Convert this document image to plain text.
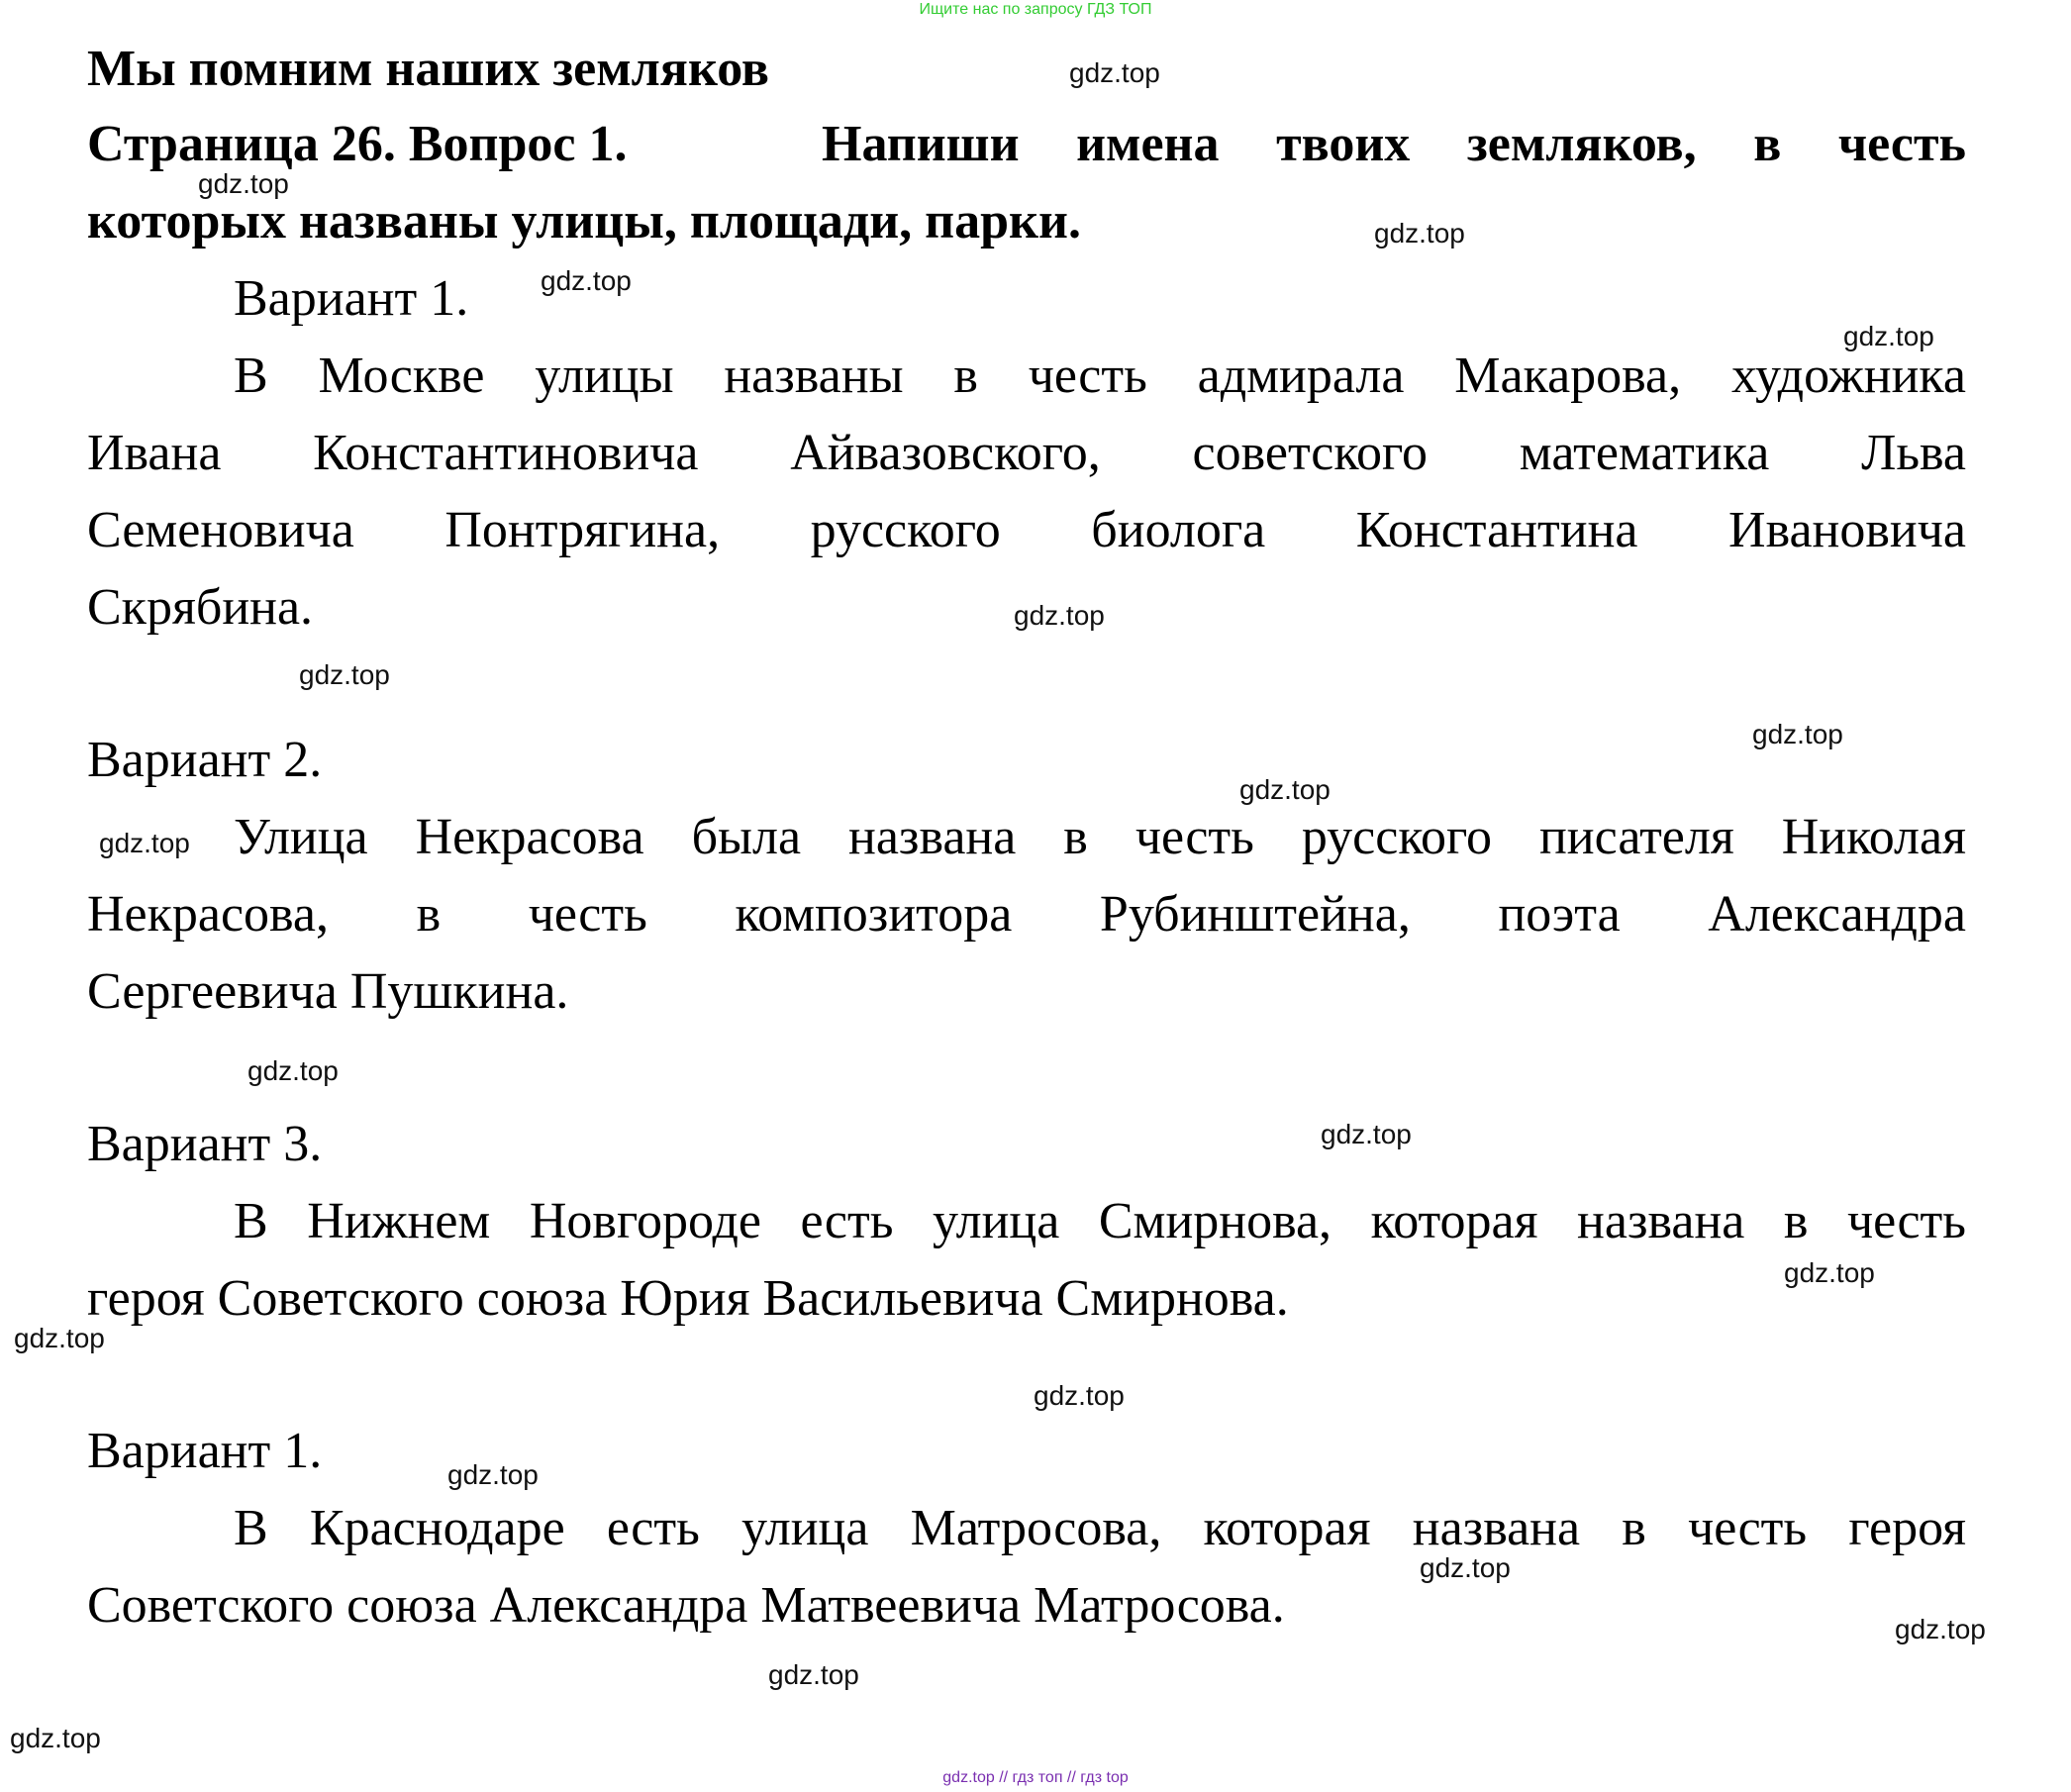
Ищите нас по запросу ГДЗ ТОП
Мы помним наших земляков
Страница 26. Вопрос 1.	Напиши имена твоих земляков, в честь
которых названы улицы, площади, парки.
Вариант 1.
В Москве улицы названы в честь адмирала Макарова, художника
Ивана Константиновича Айвазовского, советского математика Льва
Семеновича Понтрягина, русского биолога Константина Ивановича
Скрябина.
Вариант 2.
Улица Некрасова была названа в честь русского писателя Николая
Некрасова, в честь композитора Рубинштейна, поэта Александра
Сергеевича Пушкина.
Вариант 3.
В Нижнем Новгороде есть улица Смирнова, которая названа в честь
героя Советского союза Юрия Васильевича Смирнова.
Вариант 1.
В Краснодаре есть улица Матросова, которая названа в честь героя
Советского союза Александра Матвеевича Матросова.
gdz.top
gdz.top
gdz.top
gdz.top
gdz.top
gdz.top
gdz.top
gdz.top
gdz.top
gdz.top
gdz.top
gdz.top
gdz.top
gdz.top
gdz.top
gdz.top
gdz.top
gdz.top
gdz.top
gdz.top
gdz.top // гдз топ // гдз top
